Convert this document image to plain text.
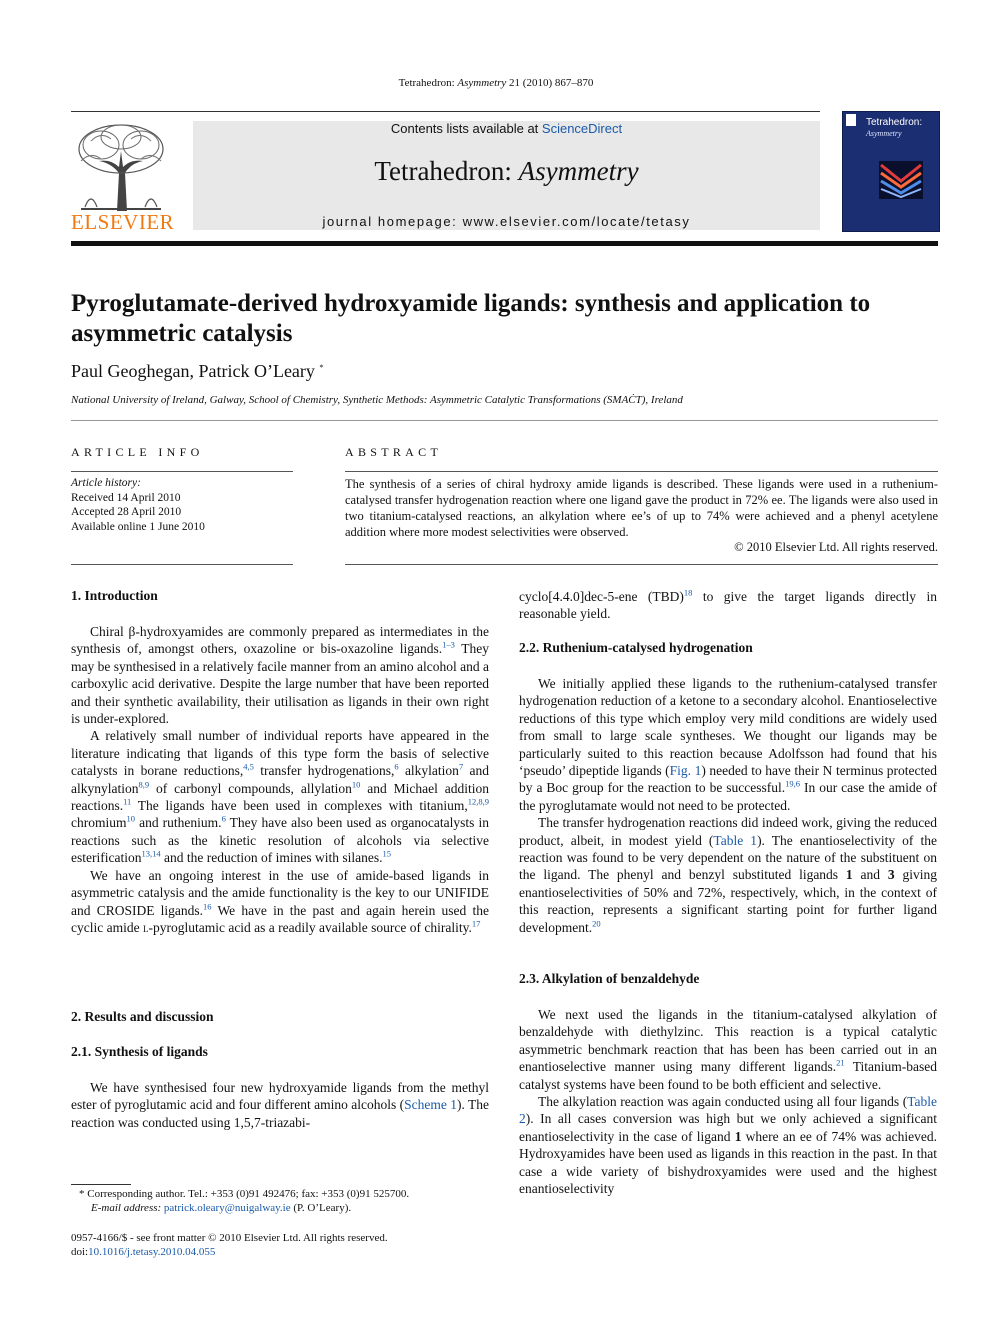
Tetrahedron: Asymmetry 21 (2010) 867–870
ELSEVIER
Contents lists available at ScienceDirect
Tetrahedron: Asymmetry
journal homepage: www.elsevier.com/locate/tetasy
Tetrahedron:
Asymmetry
Pyroglutamate-derived hydroxyamide ligands: synthesis and application to asymmetric catalysis
Paul Geoghegan, Patrick O’Leary *
National University of Ireland, Galway, School of Chemistry, Synthetic Methods: Asymmetric Catalytic Transformations (SMAĊT), Ireland
ARTICLE INFO
Article history:
Received 14 April 2010
Accepted 28 April 2010
Available online 1 June 2010
ABSTRACT
The synthesis of a series of chiral hydroxy amide ligands is described. These ligands were used in a ruthenium-catalysed transfer hydrogenation reaction where one ligand gave the product in 72% ee. The ligands were also used in two titanium-catalysed reactions, an alkylation where ee’s of up to 74% were achieved and a phenyl acetylene addition where more modest selectivities were observed.
© 2010 Elsevier Ltd. All rights reserved.
1. Introduction

Chiral β-hydroxyamides are commonly prepared as intermediates in the synthesis of, amongst others, oxazoline or bis-oxazoline ligands.$^{1-3}$ They may be synthesised in a relatively facile manner from an amino alcohol and a carboxylic acid derivative. Despite the large number that have been reported and their synthetic availability, their utilisation as ligands in their own right is under-explored.

A relatively small number of individual reports have appeared in the literature indicating that ligands of this type form the basis of selective catalysts in borane reductions,$^{4,5}$ transfer hydrogenations,$^6$ alkylation$^7$ and alkynylation$^{8,9}$ of carbonyl compounds, allylation$^{10}$ and Michael addition reactions.$^{11}$ The ligands have been used in complexes with titanium,$^{12,8,9}$ chromium$^{10}$ and ruthenium.$^6$ They have also been used as organocatalysts in reactions such as the kinetic resolution of alcohols via selective esterification$^{13,14}$ and the reduction of imines with silanes.$^{15}$

We have an ongoing interest in the use of amide-based ligands in asymmetric catalysis and the amide functionality is the key to our UNIFIDE and CROSIDE ligands.$^{16}$ We have in the past and again herein used the cyclic amide l-pyroglutamic acid as a readily available source of chirality.$^{17}$

2. Results and discussion
2.1. Synthesis of ligands

We have synthesised four new hydroxyamide ligands from the methyl ester of pyroglutamic acid and four different amino alcohols (Scheme 1). The reaction was conducted using 1,5,7-triazabi-

* Corresponding author. Tel.: +353 (0)91 492476; fax: +353 (0)91 525700.
E-mail address: patrick.oleary@nuigalway.ie (P. O’Leary).
0957-4166/$ - see front matter © 2010 Elsevier Ltd. All rights reserved.
doi:10.1016/j.tetasy.2010.04.055

cyclo[4.4.0]dec-5-ene (TBD)$^{18}$ to give the target ligands directly in reasonable yield.

2.2. Ruthenium-catalysed hydrogenation

We initially applied these ligands to the ruthenium-catalysed transfer hydrogenation reduction of a ketone to a secondary alcohol. Enantioselective reductions of this type which employ very mild conditions are widely used from small to large scale syntheses. We thought our ligands may be particularly suited to this reaction because Adolfsson had found that his ‘pseudo’ dipeptide ligands (Fig. 1) needed to have their N terminus protected by a Boc group for the reaction to be successful.$^{19,6}$ In our case the amide of the pyroglutamate would not need to be protected.

The transfer hydrogenation reactions did indeed work, giving the reduced product, albeit, in modest yield (Table 1). The enantioselectivity of the reaction was found to be very dependent on the nature of the substituent on the ligand. The phenyl and benzyl substituted ligands 1 and 3 giving enantioselectivities of 50% and 72%, respectively, which, in the context of this reaction, represents a significant starting point for further ligand development.$^{20}$

2.3. Alkylation of benzaldehyde

We next used the ligands in the titanium-catalysed alkylation of benzaldehyde with diethylzinc. This reaction is a typical catalytic asymmetric benchmark reaction that has been has been carried out in an enantioselective manner using many different ligands.$^{21}$ Titanium-based catalyst systems have been found to be both efficient and selective.

The alkylation reaction was again conducted using all four ligands (Table 2). In all cases conversion was high but we only achieved a significant enantioselectivity in the case of ligand 1 where an ee of 74% was achieved. Hydroxyamides have been used as ligands in this reaction in the past. In that case a wide variety of bishydroxyamides were used and the highest enantioselectivity
